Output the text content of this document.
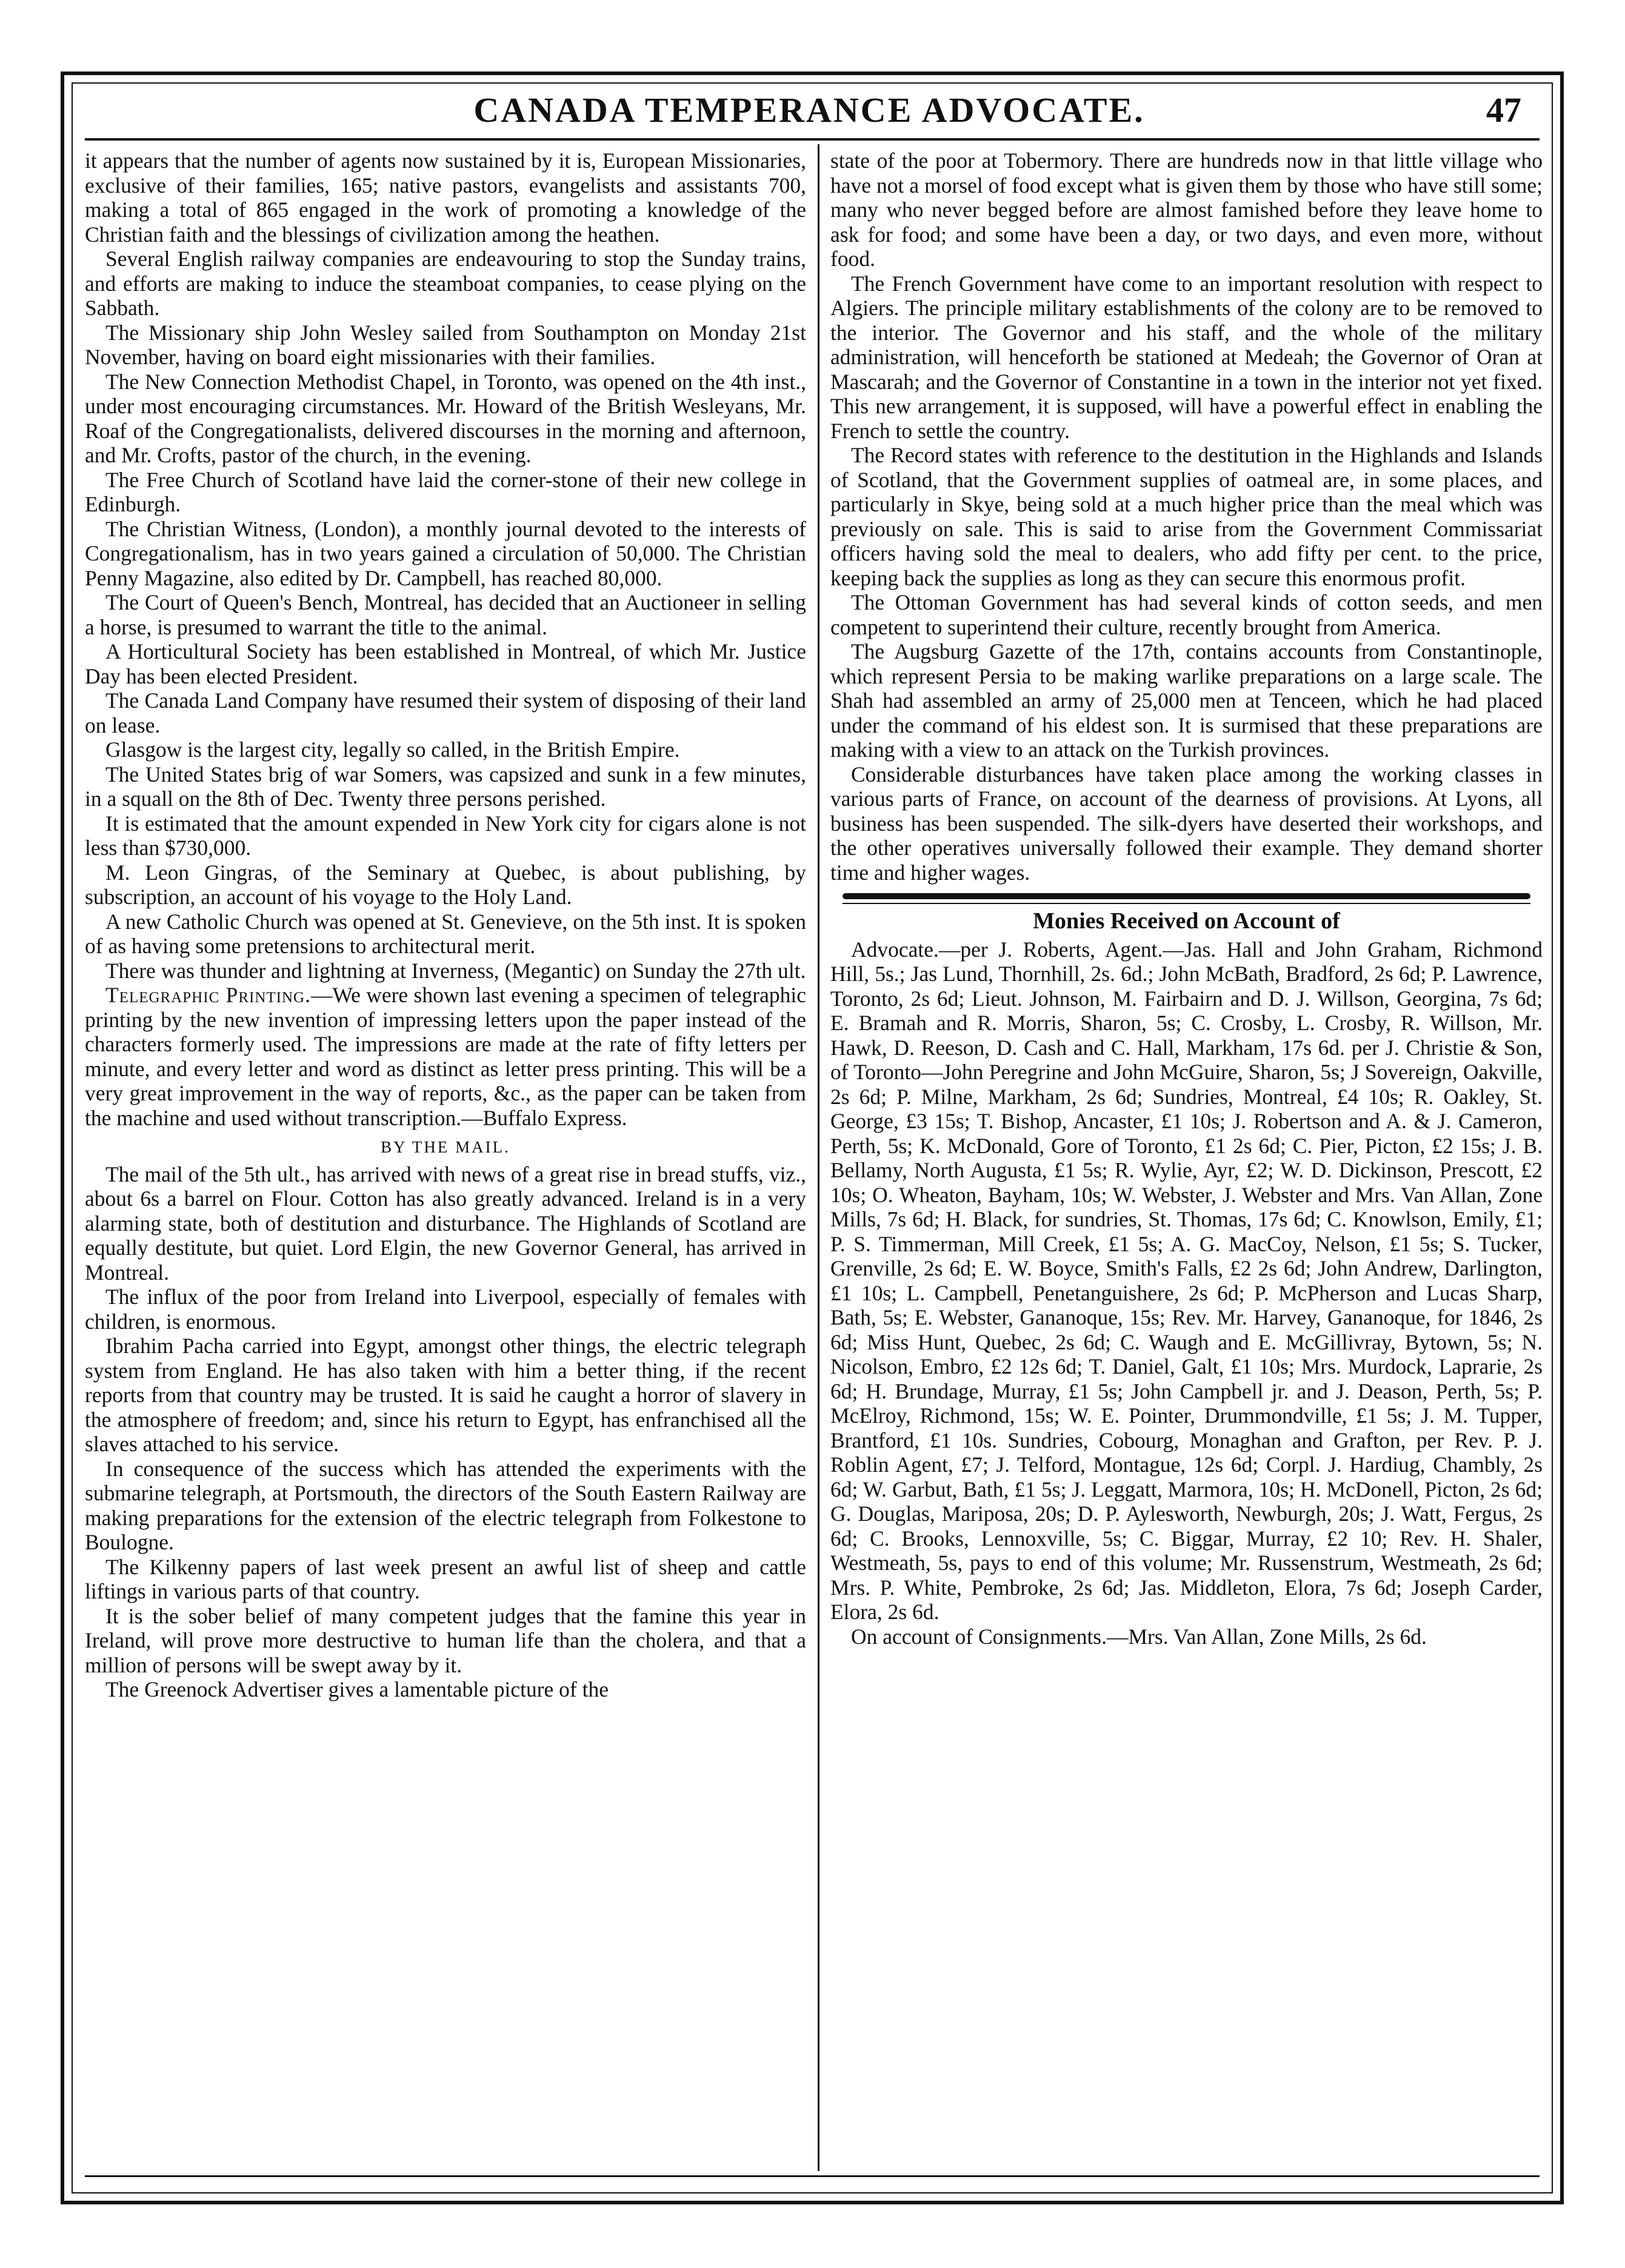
CANADA TEMPERANCE ADVOCATE.	47

it appears that the number of agents now sustained by it is, European Missionaries, exclusive of their families, 165; native pastors, evangelists and assistants 700, making a total of 865 engaged in the work of promoting a knowledge of the Christian faith and the blessings of civilization among the heathen.

Several English railway companies are endeavouring to stop the Sunday trains, and efforts are making to induce the steamboat companies, to cease plying on the Sabbath.

The Missionary ship John Wesley sailed from Southampton on Monday 21st November, having on board eight missionaries with their families.

The New Connection Methodist Chapel, in Toronto, was opened on the 4th inst., under most encouraging circumstances. Mr. Howard of the British Wesleyans, Mr. Roaf of the Congregationalists, delivered discourses in the morning and afternoon, and Mr. Crofts, pastor of the church, in the evening.

The Free Church of Scotland have laid the corner-stone of their new college in Edinburgh.

The Christian Witness, (London), a monthly journal devoted to the interests of Congregationalism, has in two years gained a circulation of 50,000. The Christian Penny Magazine, also edited by Dr. Campbell, has reached 80,000.

The Court of Queen's Bench, Montreal, has decided that an Auctioneer in selling a horse, is presumed to warrant the title to the animal.

A Horticultural Society has been established in Montreal, of which Mr. Justice Day has been elected President.

The Canada Land Company have resumed their system of disposing of their land on lease.

Glasgow is the largest city, legally so called, in the British Empire.

The United States brig of war Somers, was capsized and sunk in a few minutes, in a squall on the 8th of Dec. Twenty three persons perished.

It is estimated that the amount expended in New York city for cigars alone is not less than $730,000.

M. Leon Gingras, of the Seminary at Quebec, is about publishing, by subscription, an account of his voyage to the Holy Land.

A new Catholic Church was opened at St. Genevieve, on the 5th inst. It is spoken of as having some pretensions to architectural merit.

There was thunder and lightning at Inverness, (Megantic) on Sunday the 27th ult.

Telegraphic Printing.—We were shown last evening a specimen of telegraphic printing by the new invention of impressing letters upon the paper instead of the characters formerly used. The impressions are made at the rate of fifty letters per minute, and every letter and word as distinct as letter press printing. This will be a very great improvement in the way of reports, &c., as the paper can be taken from the machine and used without transcription.—Buffalo Express.

BY THE MAIL.

The mail of the 5th ult., has arrived with news of a great rise in bread stuffs, viz., about 6s a barrel on Flour. Cotton has also greatly advanced. Ireland is in a very alarming state, both of destitution and disturbance. The Highlands of Scotland are equally destitute, but quiet. Lord Elgin, the new Governor General, has arrived in Montreal.

The influx of the poor from Ireland into Liverpool, especially of females with children, is enormous.

Ibrahim Pacha carried into Egypt, amongst other things, the electric telegraph system from England. He has also taken with him a better thing, if the recent reports from that country may be trusted. It is said he caught a horror of slavery in the atmosphere of freedom; and, since his return to Egypt, has enfranchised all the slaves attached to his service.

In consequence of the success which has attended the experiments with the submarine telegraph, at Portsmouth, the directors of the South Eastern Railway are making preparations for the extension of the electric telegraph from Folkestone to Boulogne.

The Kilkenny papers of last week present an awful list of sheep and cattle liftings in various parts of that country.

It is the sober belief of many competent judges that the famine this year in Ireland, will prove more destructive to human life than the cholera, and that a million of persons will be swept away by it.

The Greenock Advertiser gives a lamentable picture of the

state of the poor at Tobermory. There are hundreds now in that little village who have not a morsel of food except what is given them by those who have still some; many who never begged before are almost famished before they leave home to ask for food; and some have been a day, or two days, and even more, without food.

The French Government have come to an important resolution with respect to Algiers. The principle military establishments of the colony are to be removed to the interior. The Governor and his staff, and the whole of the military administration, will henceforth be stationed at Medeah; the Governor of Oran at Mascarah; and the Governor of Constantine in a town in the interior not yet fixed. This new arrangement, it is supposed, will have a powerful effect in enabling the French to settle the country.

The Record states with reference to the destitution in the Highlands and Islands of Scotland, that the Government supplies of oatmeal are, in some places, and particularly in Skye, being sold at a much higher price than the meal which was previously on sale. This is said to arise from the Government Commissariat officers having sold the meal to dealers, who add fifty per cent. to the price, keeping back the supplies as long as they can secure this enormous profit.

The Ottoman Government has had several kinds of cotton seeds, and men competent to superintend their culture, recently brought from America.

The Augsburg Gazette of the 17th, contains accounts from Constantinople, which represent Persia to be making warlike preparations on a large scale. The Shah had assembled an army of 25,000 men at Tenceen, which he had placed under the command of his eldest son. It is surmised that these preparations are making with a view to an attack on the Turkish provinces.

Considerable disturbances have taken place among the working classes in various parts of France, on account of the dearness of provisions. At Lyons, all business has been suspended. The silk-dyers have deserted their workshops, and the other operatives universally followed their example. They demand shorter time and higher wages.

Monies Received on Account of

Advocate.—per J. Roberts, Agent.—Jas. Hall and John Graham, Richmond Hill, 5s.; Jas Lund, Thornhill, 2s. 6d.; John McBath, Bradford, 2s 6d; P. Lawrence, Toronto, 2s 6d; Lieut. Johnson, M. Fairbairn and D. J. Willson, Georgina, 7s 6d; E. Bramah and R. Morris, Sharon, 5s; C. Crosby, L. Crosby, R. Willson, Mr. Hawk, D. Reeson, D. Cash and C. Hall, Markham, 17s 6d. per J. Christie & Son, of Toronto—John Peregrine and John McGuire, Sharon, 5s; J Sovereign, Oakville, 2s 6d; P. Milne, Markham, 2s 6d; Sundries, Montreal, £4 10s; R. Oakley, St. George, £3 15s; T. Bishop, Ancaster, £1 10s; J. Robertson and A. & J. Cameron, Perth, 5s; K. McDonald, Gore of Toronto, £1 2s 6d; C. Pier, Picton, £2 15s; J. B. Bellamy, North Augusta, £1 5s; R. Wylie, Ayr, £2; W. D. Dickinson, Prescott, £2 10s; O. Wheaton, Bayham, 10s; W. Webster, J. Webster and Mrs. Van Allan, Zone Mills, 7s 6d; H. Black, for sundries, St. Thomas, 17s 6d; C. Knowlson, Emily, £1; P. S. Timmerman, Mill Creek, £1 5s; A. G. MacCoy, Nelson, £1 5s; S. Tucker, Grenville, 2s 6d; E. W. Boyce, Smith's Falls, £2 2s 6d; John Andrew, Darlington, £1 10s; L. Campbell, Penetanguishere, 2s 6d; P. McPherson and Lucas Sharp, Bath, 5s; E. Webster, Gananoque, 15s; Rev. Mr. Harvey, Gananoque, for 1846, 2s 6d; Miss Hunt, Quebec, 2s 6d; C. Waugh and E. McGillivray, Bytown, 5s; N. Nicolson, Embro, £2 12s 6d; T. Daniel, Galt, £1 10s; Mrs. Murdock, Laprarie, 2s 6d; H. Brundage, Murray, £1 5s; John Campbell jr. and J. Deason, Perth, 5s; P. McElroy, Richmond, 15s; W. E. Pointer, Drummondville, £1 5s; J. M. Tupper, Brantford, £1 10s. Sundries, Cobourg, Monaghan and Grafton, per Rev. P. J. Roblin Agent, £7; J. Telford, Montague, 12s 6d; Corpl. J. Hardiug, Chambly, 2s 6d; W. Garbut, Bath, £1 5s; J. Leggatt, Marmora, 10s; H. McDonell, Picton, 2s 6d; G. Douglas, Mariposa, 20s; D. P. Aylesworth, Newburgh, 20s; J. Watt, Fergus, 2s 6d; C. Brooks, Lennoxville, 5s; C. Biggar, Murray, £2 10; Rev. H. Shaler, Westmeath, 5s, pays to end of this volume; Mr. Russenstrum, Westmeath, 2s 6d; Mrs. P. White, Pembroke, 2s 6d; Jas. Middleton, Elora, 7s 6d; Joseph Carder, Elora, 2s 6d.

On account of Consignments.—Mrs. Van Allan, Zone Mills, 2s 6d.
